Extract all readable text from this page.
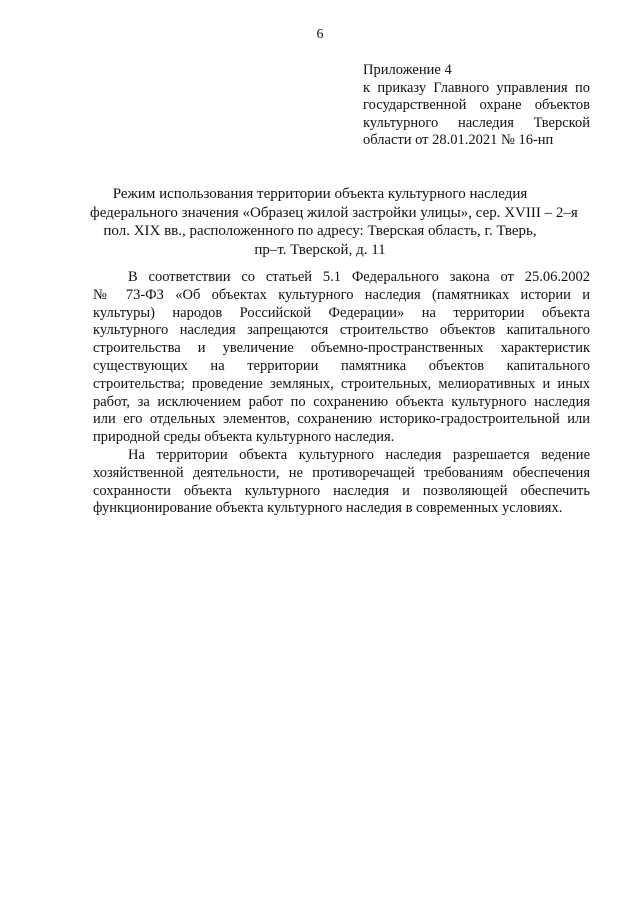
6
Приложение 4
к приказу Главного управления по
государственной охране объектов
культурного наследия Тверской
области от 28.01.2021 № 16-нп
Режим использования территории объекта культурного наследия
федерального значения «Образец жилой застройки улицы», сер. XVIII – 2–я
пол. XIX вв., расположенного по адресу: Тверская область, г. Тверь,
пр–т. Тверской, д. 11
В соответствии со статьей 5.1 Федерального закона от 25.06.2002
№ 73-ФЗ «Об объектах культурного наследия (памятниках истории и
культуры) народов Российской Федерации» на территории объекта
культурного наследия запрещаются строительство объектов капитального
строительства и увеличение объемно-пространственных характеристик
существующих на территории памятника объектов капитального
строительства; проведение земляных, строительных, мелиоративных и иных
работ, за исключением работ по сохранению объекта культурного наследия
или его отдельных элементов, сохранению историко-градостроительной или
природной среды объекта культурного наследия.
На территории объекта культурного наследия разрешается ведение
хозяйственной деятельности, не противоречащей требованиям обеспечения
сохранности объекта культурного наследия и позволяющей обеспечить
функционирование объекта культурного наследия в современных условиях.
